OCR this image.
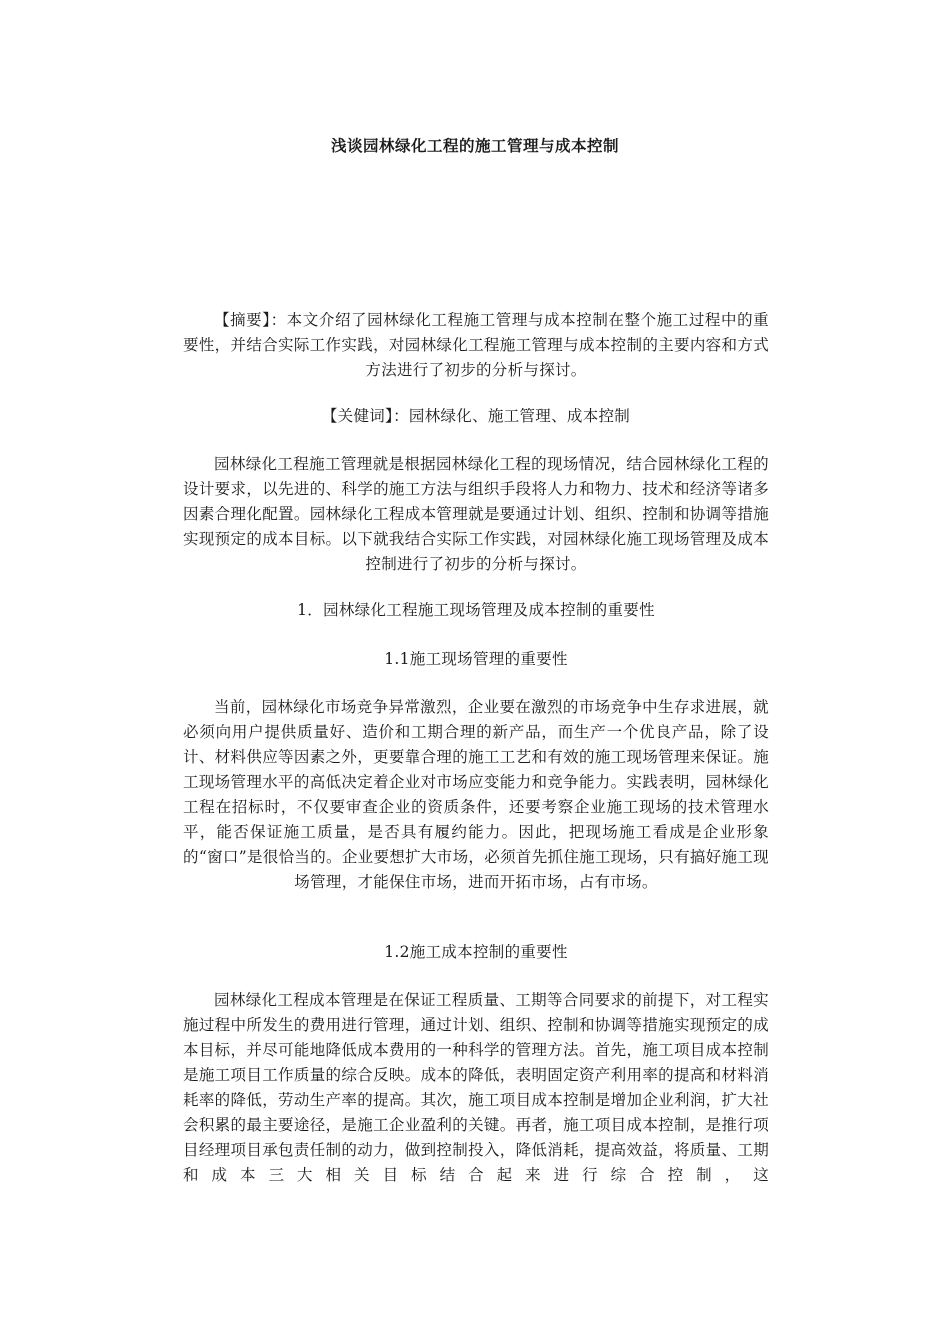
浅谈园林绿化工程的施工管理与成本控制

【摘要】：本文介绍了园林绿化工程施工管理与成本控制在整个施工过程中的重要性，并结合实际工作实践，对园林绿化工程施工管理与成本控制的主要内容和方式方法进行了初步的分析与探讨。

【关健词】：园林绿化、施工管理、成本控制

园林绿化工程施工管理就是根据园林绿化工程的现场情况，结合园林绿化工程的设计要求，以先进的、科学的施工方法与组织手段将人力和物力、技术和经济等诸多因素合理化配置。园林绿化工程成本管理就是要通过计划、组织、控制和协调等措施实现预定的成本目标。以下就我结合实际工作实践，对园林绿化施工现场管理及成本控制进行了初步的分析与探讨。

1．园林绿化工程施工现场管理及成本控制的重要性

1.1施工现场管理的重要性

当前，园林绿化市场竞争异常激烈，企业要在激烈的市场竞争中生存求进展，就必须向用户提供质量好、造价和工期合理的新产品，而生产一个优良产品，除了设计、材料供应等因素之外，更要靠合理的施工工艺和有效的施工现场管理来保证。施工现场管理水平的高低决定着企业对市场应变能力和竞争能力。实践表明，园林绿化工程在招标时，不仅要审查企业的资质条件，还要考察企业施工现场的技术管理水平，能否保证施工质量，是否具有履约能力。因此，把现场施工看成是企业形象的“窗口”是很恰当的。企业要想扩大市场，必须首先抓住施工现场，只有搞好施工现场管理，才能保住市场，进而开拓市场，占有市场。

1.2施工成本控制的重要性

园林绿化工程成本管理是在保证工程质量、工期等合同要求的前提下，对工程实施过程中所发生的费用进行管理，通过计划、组织、控制和协调等措施实现预定的成本目标，并尽可能地降低成本费用的一种科学的管理方法。首先，施工项目成本控制是施工项目工作质量的综合反映。成本的降低，表明固定资产利用率的提高和材料消耗率的降低，劳动生产率的提高。其次，施工项目成本控制是增加企业利润，扩大社会积累的最主要途径，是施工企业盈利的关键。再者，施工项目成本控制，是推行项目经理项目承包责任制的动力，做到控制投入，降低消耗，提高效益，将质量、工期和成本三大相关目标结合起来进行综合控制，这
